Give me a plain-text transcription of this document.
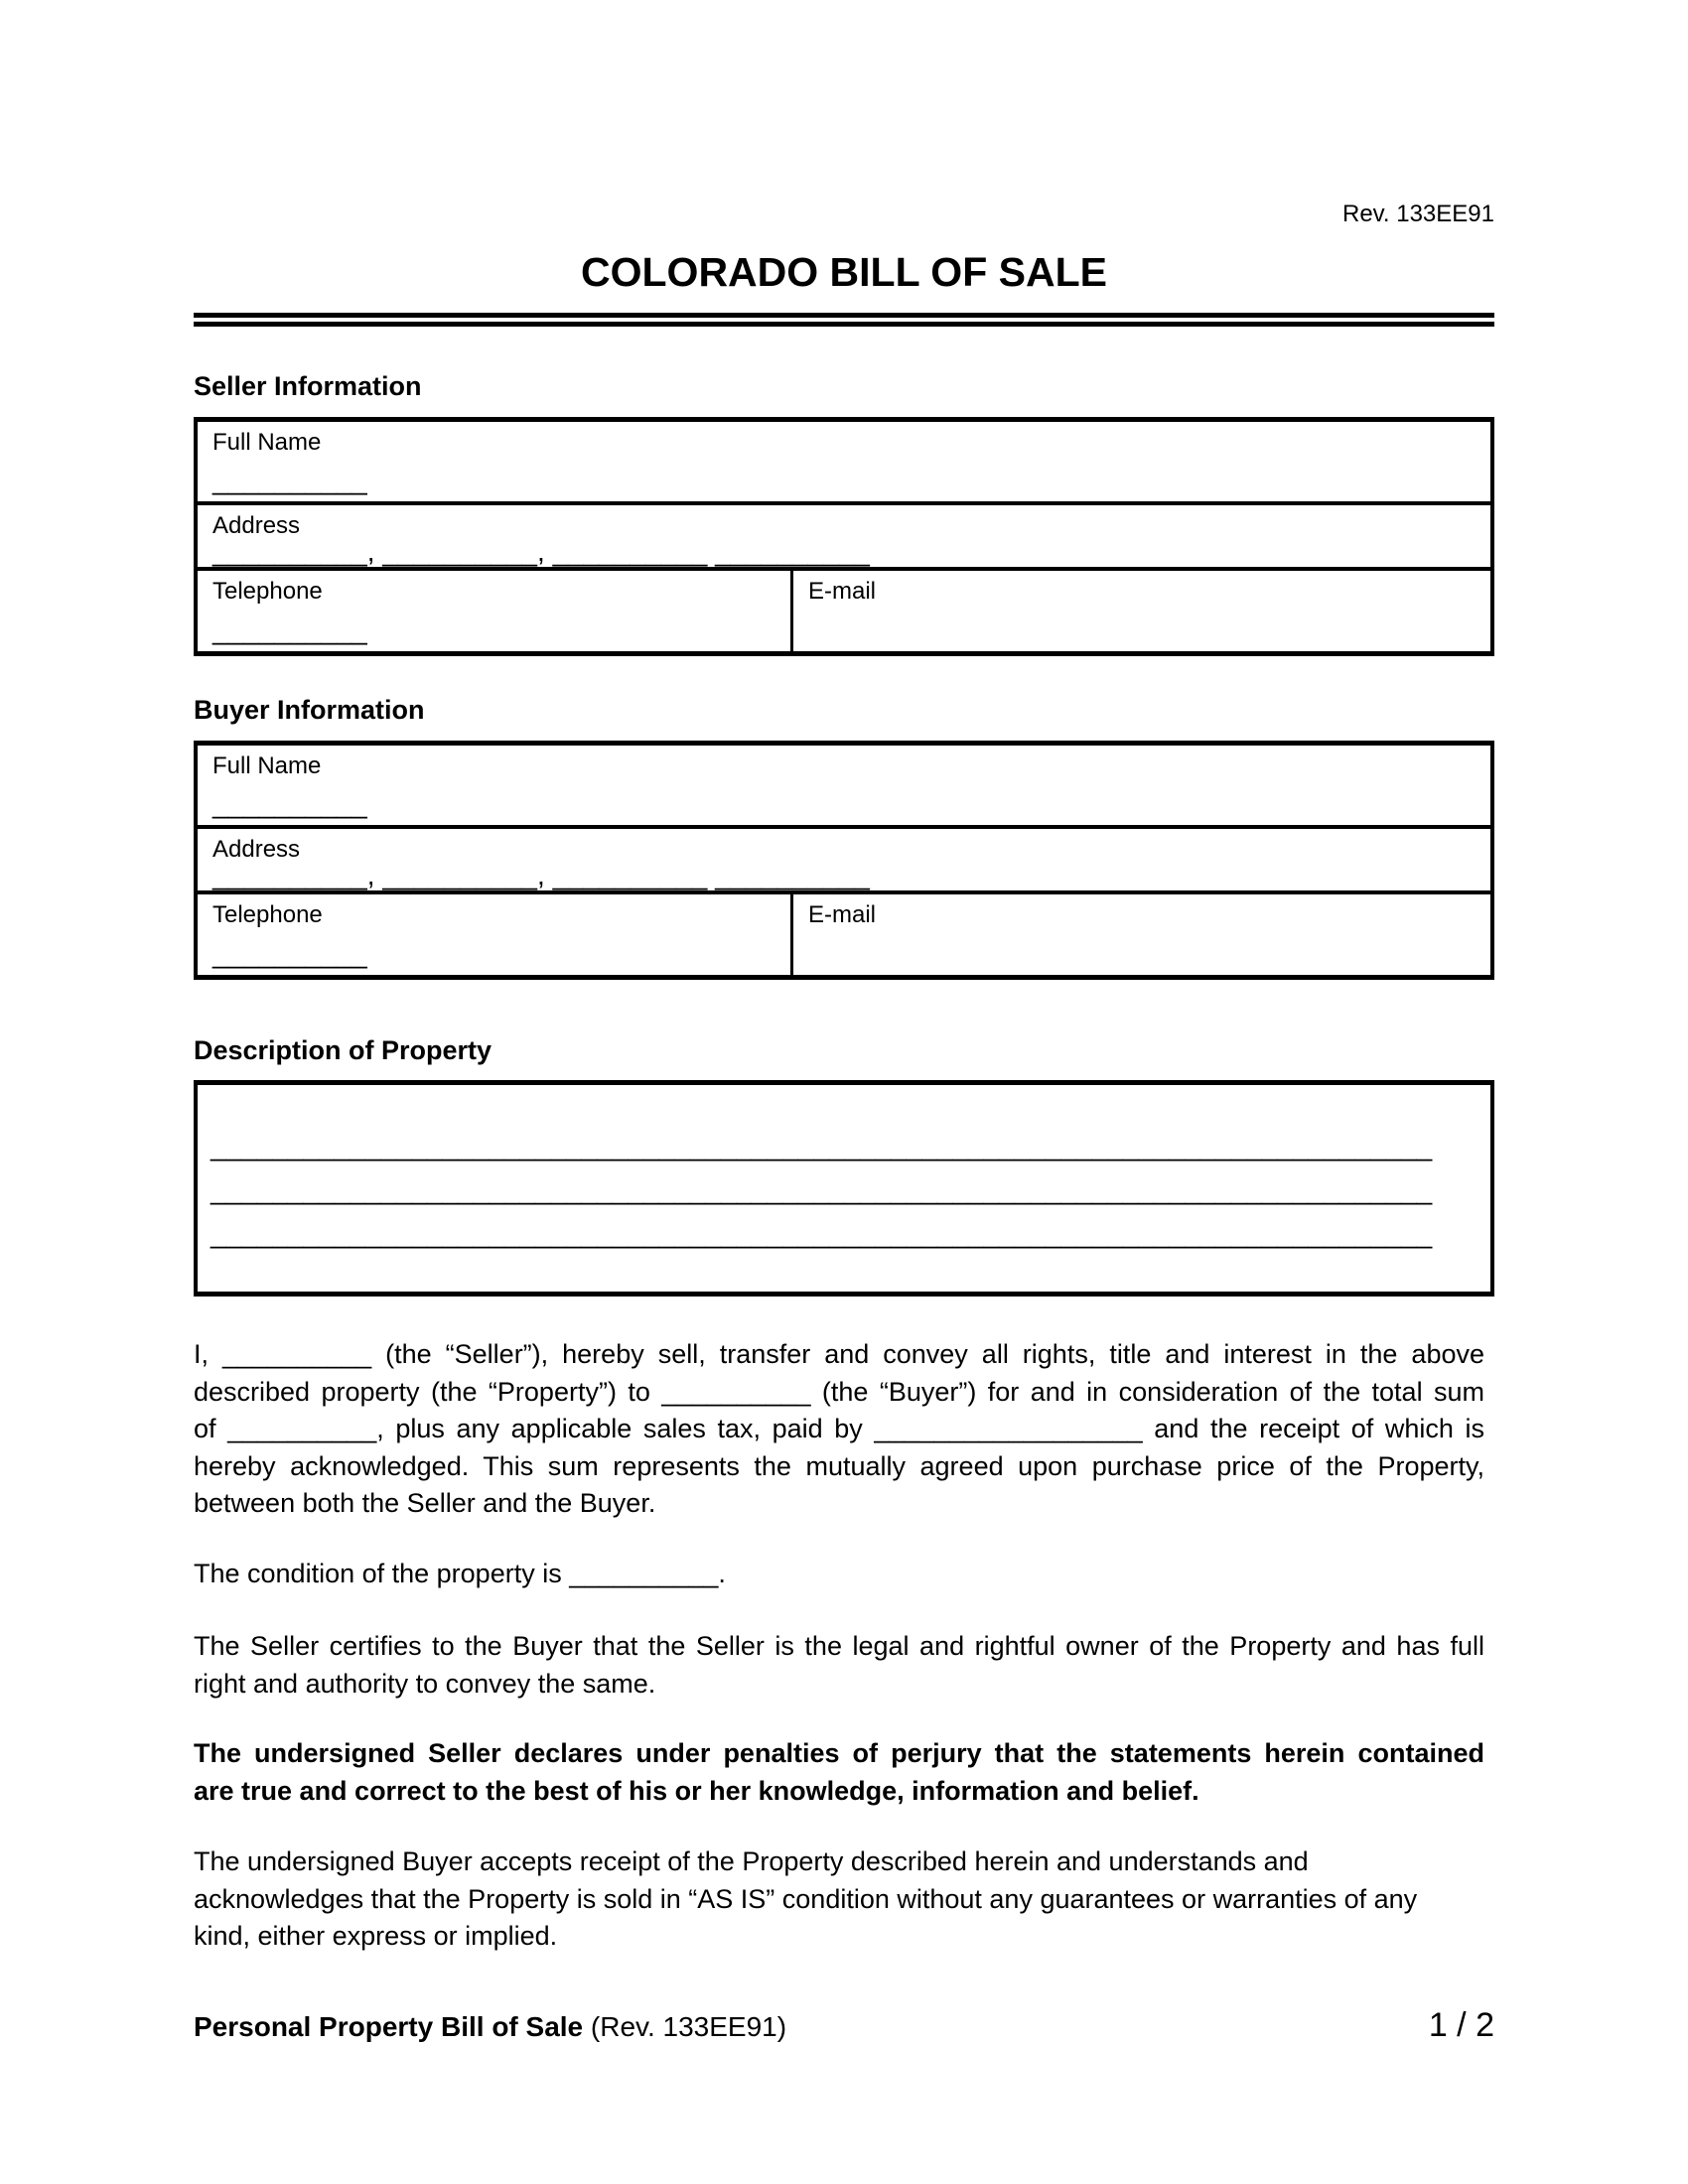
Rev. 133EE91
COLORADO BILL OF SALE
Seller Information
Full Name
__________
Address
__________, __________, __________ __________
Telephone
__________
E-mail
Buyer Information
Full Name
__________
Address
__________, __________, __________ __________
Telephone
__________
E-mail
Description of Property
_______________________________________________________________________________
_______________________________________________________________________________
_______________________________________________________________________________
I, __________ (the “Seller”), hereby sell, transfer and convey all rights, title and interest in the above
described property (the “Property”) to __________ (the “Buyer”) for and in consideration of the total sum
of __________, plus any applicable sales tax, paid by __________________ and the receipt of which is
hereby acknowledged. This sum represents the mutually agreed upon purchase price of the Property,
between both the Seller and the Buyer.
The condition of the property is __________.
The Seller certifies to the Buyer that the Seller is the legal and rightful owner of the Property and has full
right and authority to convey the same.
The undersigned Seller declares under penalties of perjury that the statements herein contained
are true and correct to the best of his or her knowledge, information and belief.
The undersigned Buyer accepts receipt of the Property described herein and understands and
acknowledges that the Property is sold in “AS IS” condition without any guarantees or warranties of any
kind, either express or implied.
Personal Property Bill of Sale (Rev. 133EE91)	1 / 2
